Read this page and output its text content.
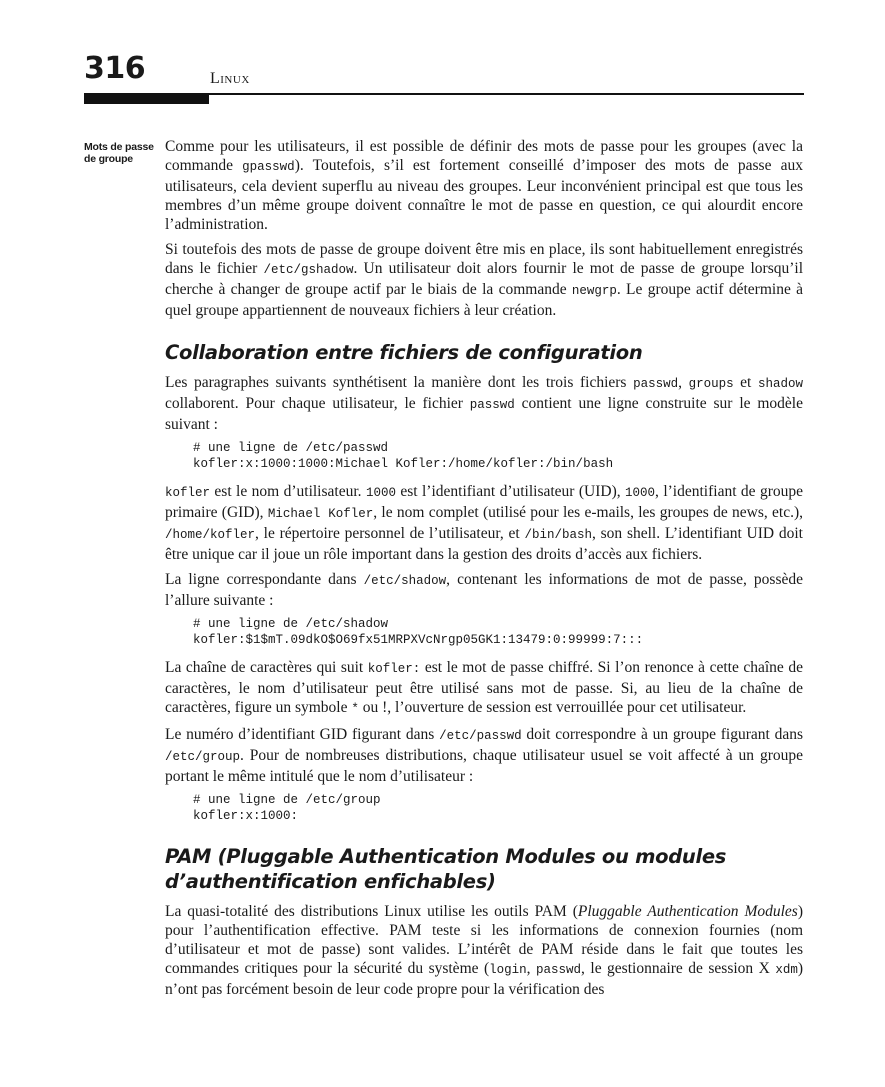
316	Linux
Mots de passe
de groupe

Comme pour les utilisateurs, il est possible de définir des mots de passe pour les groupes (avec la commande gpasswd). Toutefois, s’il est fortement conseillé d’imposer des mots de passe aux utilisateurs, cela devient superflu au niveau des groupes. Leur inconvénient principal est que tous les membres d’un même groupe doivent connaître le mot de passe en question, ce qui alourdit encore l’administration.

Si toutefois des mots de passe de groupe doivent être mis en place, ils sont habituellement enregistrés dans le fichier /etc/gshadow. Un utilisateur doit alors fournir le mot de passe de groupe lorsqu’il cherche à changer de groupe actif par le biais de la commande newgrp. Le groupe actif détermine à quel groupe appartiennent de nouveaux fichiers à leur création.

Collaboration entre fichiers de configuration

Les paragraphes suivants synthétisent la manière dont les trois fichiers passwd, groups et shadow collaborent. Pour chaque utilisateur, le fichier passwd contient une ligne construite sur le modèle suivant :

# une ligne de /etc/passwd
kofler:x:1000:1000:Michael Kofler:/home/kofler:/bin/bash

kofler est le nom d’utilisateur. 1000 est l’identifiant d’utilisateur (UID), 1000, l’identifiant de groupe primaire (GID), Michael Kofler, le nom complet (utilisé pour les e-mails, les groupes de news, etc.), /home/kofler, le répertoire personnel de l’utilisateur, et /bin/bash, son shell. L’identifiant UID doit être unique car il joue un rôle important dans la gestion des droits d’accès aux fichiers.

La ligne correspondante dans /etc/shadow, contenant les informations de mot de passe, possède l’allure suivante :

# une ligne de /etc/shadow
kofler:$1$mT.09dkO$O69fx51MRPXVcNrgp05GK1:13479:0:99999:7:::

La chaîne de caractères qui suit kofler: est le mot de passe chiffré. Si l’on renonce à cette chaîne de caractères, le nom d’utilisateur peut être utilisé sans mot de passe. Si, au lieu de la chaîne de caractères, figure un symbole * ou !, l’ouverture de session est verrouillée pour cet utilisateur.

Le numéro d’identifiant GID figurant dans /etc/passwd doit correspondre à un groupe figurant dans /etc/group. Pour de nombreuses distributions, chaque utilisateur usuel se voit affecté à un groupe portant le même intitulé que le nom d’utilisateur :

# une ligne de /etc/group
kofler:x:1000:
PAM (Pluggable Authentication Modules ou modules d’authentification enfichables)

La quasi-totalité des distributions Linux utilise les outils PAM (Pluggable Authentication Modules) pour l’authentification effective. PAM teste si les informations de connexion fournies (nom d’utilisateur et mot de passe) sont valides. L’intérêt de PAM réside dans le fait que toutes les commandes critiques pour la sécurité du système (login, passwd, le gestionnaire de session X xdm) n’ont pas forcément besoin de leur code propre pour la vérification des
